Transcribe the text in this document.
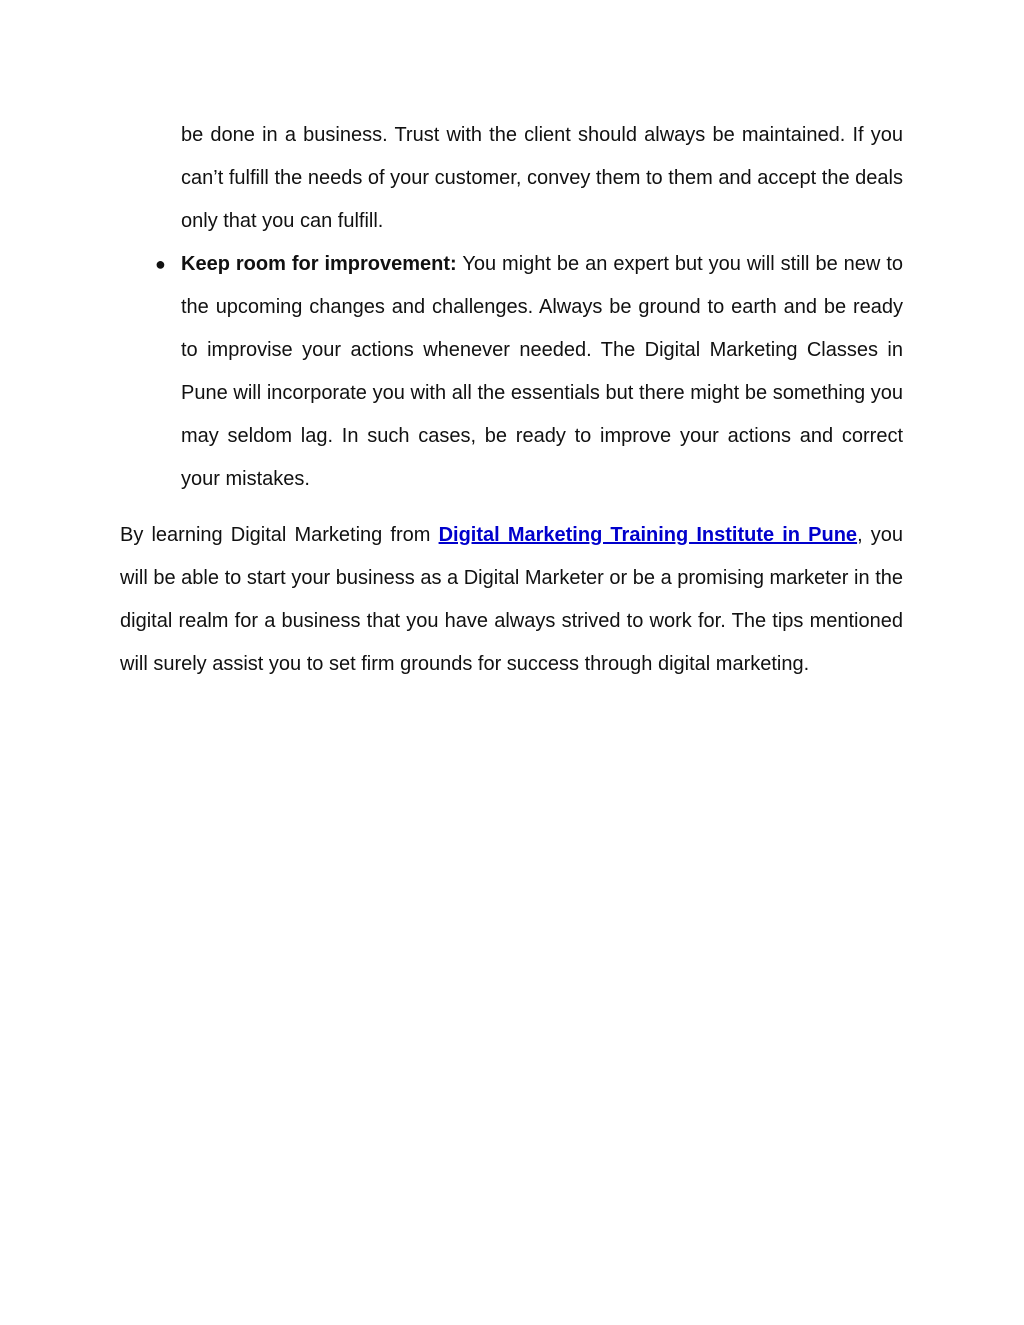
be done in a business. Trust with the client should always be maintained. If you can’t fulfill the needs of your customer, convey them to them and accept the deals only that you can fulfill.

● Keep room for improvement: You might be an expert but you will still be new to the upcoming changes and challenges. Always be ground to earth and be ready to improvise your actions whenever needed. The Digital Marketing Classes in Pune will incorporate you with all the essentials but there might be something you may seldom lag. In such cases, be ready to improve your actions and correct your mistakes.

By learning Digital Marketing from Digital Marketing Training Institute in Pune, you will be able to start your business as a Digital Marketer or be a promising marketer in the digital realm for a business that you have always strived to work for. The tips mentioned will surely assist you to set firm grounds for success through digital marketing.
